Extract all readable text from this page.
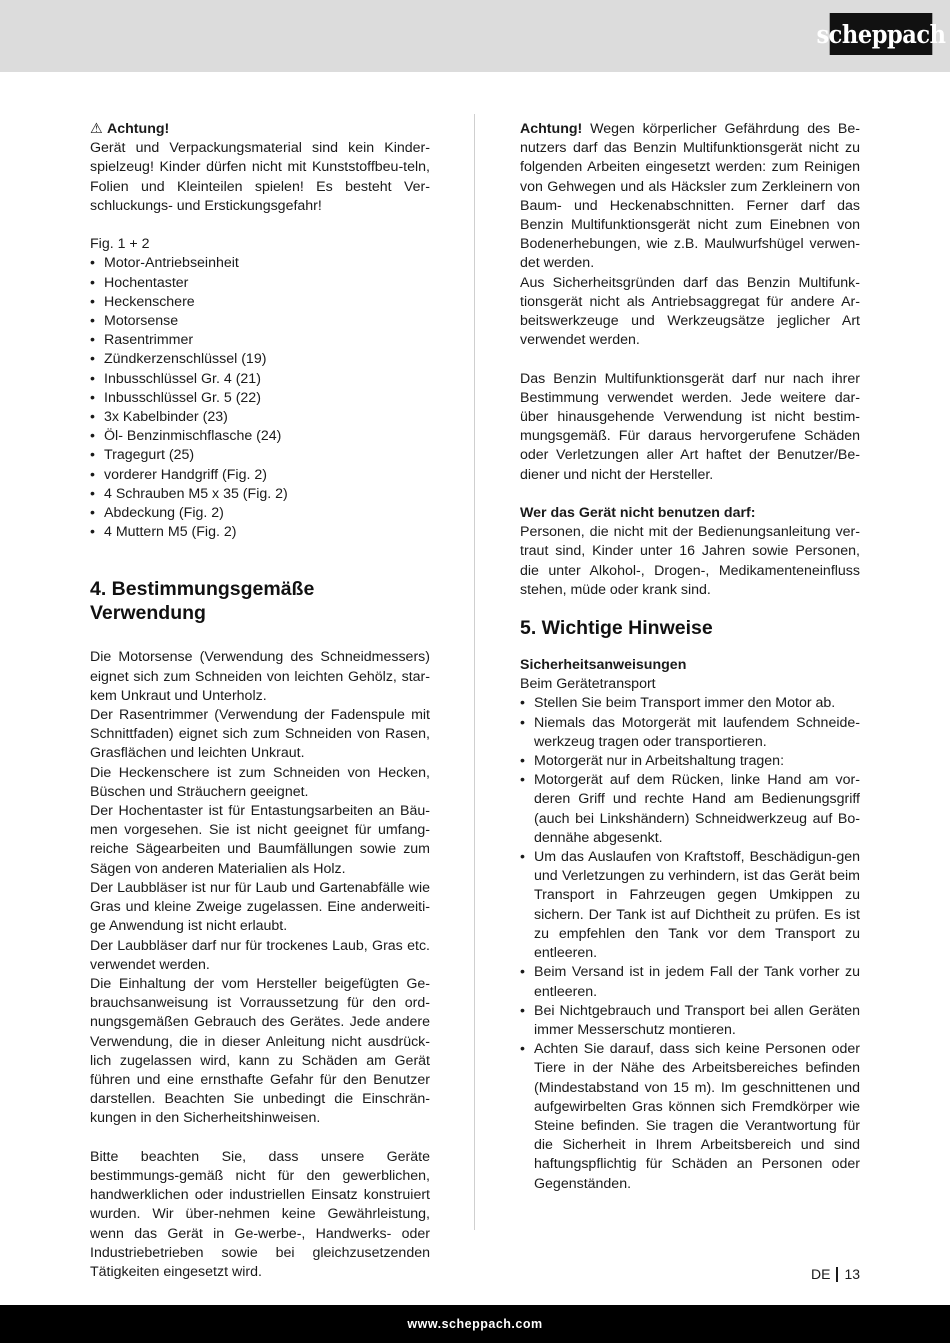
scheppach

⚠ Achtung!

Gerät und Verpackungsmaterial sind kein Kinder-spielzeug! Kinder dürfen nicht mit Kunststoffbeu-teln, Folien und Kleinteilen spielen! Es besteht Ver-schluckungs- und Erstickungsgefahr!

Fig. 1 + 2

• Motor-Antriebseinheit
• Hochentaster
• Heckenschere
• Motorsense
• Rasentrimmer
• Zündkerzenschlüssel (19)
• Inbusschlüssel Gr. 4 (21)
• Inbusschlüssel Gr. 5 (22)
• 3x Kabelbinder (23)
• Öl- Benzinmischflasche (24)
• Tragegurt (25)
• vorderer Handgriff (Fig. 2)
• 4 Schrauben M5 x 35 (Fig. 2)
• Abdeckung (Fig. 2)
• 4 Muttern M5 (Fig. 2)
4. Bestimmungsgemäße Verwendung

Die Motorsense (Verwendung des Schneidmessers) eignet sich zum Schneiden von leichten Gehölz, star-kem Unkraut und Unterholz.

Der Rasentrimmer (Verwendung der Fadenspule mit Schnittfaden) eignet sich zum Schneiden von Rasen, Grasflächen und leichten Unkraut.

Die Heckenschere ist zum Schneiden von Hecken, Büschen und Sträuchern geeignet.

Der Hochentaster ist für Entastungsarbeiten an Bäu-men vorgesehen. Sie ist nicht geeignet für umfang-reiche Sägearbeiten und Baumfällungen sowie zum Sägen von anderen Materialien als Holz.

Der Laubbläser ist nur für Laub und Gartenabfälle wie Gras und kleine Zweige zugelassen. Eine anderweiti-ge Anwendung ist nicht erlaubt.

Der Laubbläser darf nur für trockenes Laub, Gras etc. verwendet werden.

Die Einhaltung der vom Hersteller beigefügten Ge-brauchsanweisung ist Vorraussetzung für den ord-nungsgemäßen Gebrauch des Gerätes. Jede andere Verwendung, die in dieser Anleitung nicht ausdrück-lich zugelassen wird, kann zu Schäden am Gerät führen und eine ernsthafte Gefahr für den Benutzer darstellen. Beachten Sie unbedingt die Einschrän-kungen in den Sicherheitshinweisen.

Bitte beachten Sie, dass unsere Geräte bestimmungs-gemäß nicht für den gewerblichen, handwerklichen oder industriellen Einsatz konstruiert wurden. Wir über-nehmen keine Gewährleistung, wenn das Gerät in Ge-werbe-, Handwerks- oder Industriebetrieben sowie bei gleichzusetzenden Tätigkeiten eingesetzt wird.

Achtung! Wegen körperlicher Gefährdung des Be-nutzers darf das Benzin Multifunktionsgerät nicht zu folgenden Arbeiten eingesetzt werden: zum Reinigen von Gehwegen und als Häcksler zum Zerkleinern von Baum- und Heckenabschnitten. Ferner darf das Benzin Multifunktionsgerät nicht zum Einebnen von Bodenerhebungen, wie z.B. Maulwurfshügel verwen-det werden.

Aus Sicherheitsgründen darf das Benzin Multifunk-tionsgerät nicht als Antriebsaggregat für andere Ar-beitswerkzeuge und Werkzeugsätze jeglicher Art verwendet werden.

Das Benzin Multifunktionsgerät darf nur nach ihrer Bestimmung verwendet werden. Jede weitere dar-über hinausgehende Verwendung ist nicht bestim-mungsgemäß. Für daraus hervorgerufene Schäden oder Verletzungen aller Art haftet der Benutzer/Be-diener und nicht der Hersteller.

Wer das Gerät nicht benutzen darf:

Personen, die nicht mit der Bedienungsanleitung ver-traut sind, Kinder unter 16 Jahren sowie Personen, die unter Alkohol-, Drogen-, Medikamenteneinfluss stehen, müde oder krank sind.

5. Wichtige Hinweise

Sicherheitsanweisungen

Beim Gerätetransport

• Stellen Sie beim Transport immer den Motor ab.
• Niemals das Motorgerät mit laufendem Schneide-werkzeug tragen oder transportieren.
• Motorgerät nur in Arbeitshaltung tragen:
• Motorgerät auf dem Rücken, linke Hand am vor-deren Griff und rechte Hand am Bedienungsgriff (auch bei Linkshändern) Schneidwerkzeug auf Bo-dennähe abgesenkt.
• Um das Auslaufen von Kraftstoff, Beschädigun-gen und Verletzungen zu verhindern, ist das Gerät beim Transport in Fahrzeugen gegen Umkippen zu sichern. Der Tank ist auf Dichtheit zu prüfen. Es ist zu empfehlen den Tank vor dem Transport zu entleeren.
• Beim Versand ist in jedem Fall der Tank vorher zu entleeren.
• Bei Nichtgebrauch und Transport bei allen Geräten immer Messerschutz montieren.
• Achten Sie darauf, dass sich keine Personen oder Tiere in der Nähe des Arbeitsbereiches befinden (Mindestabstand von 15 m). Im geschnittenen und aufgewirbelten Gras können sich Fremdkörper wie Steine befinden. Sie tragen die Verantwortung für die Sicherheit in Ihrem Arbeitsbereich und sind haftungspflichtig für Schäden an Personen oder Gegenständen.
DE 13
www.scheppach.com
